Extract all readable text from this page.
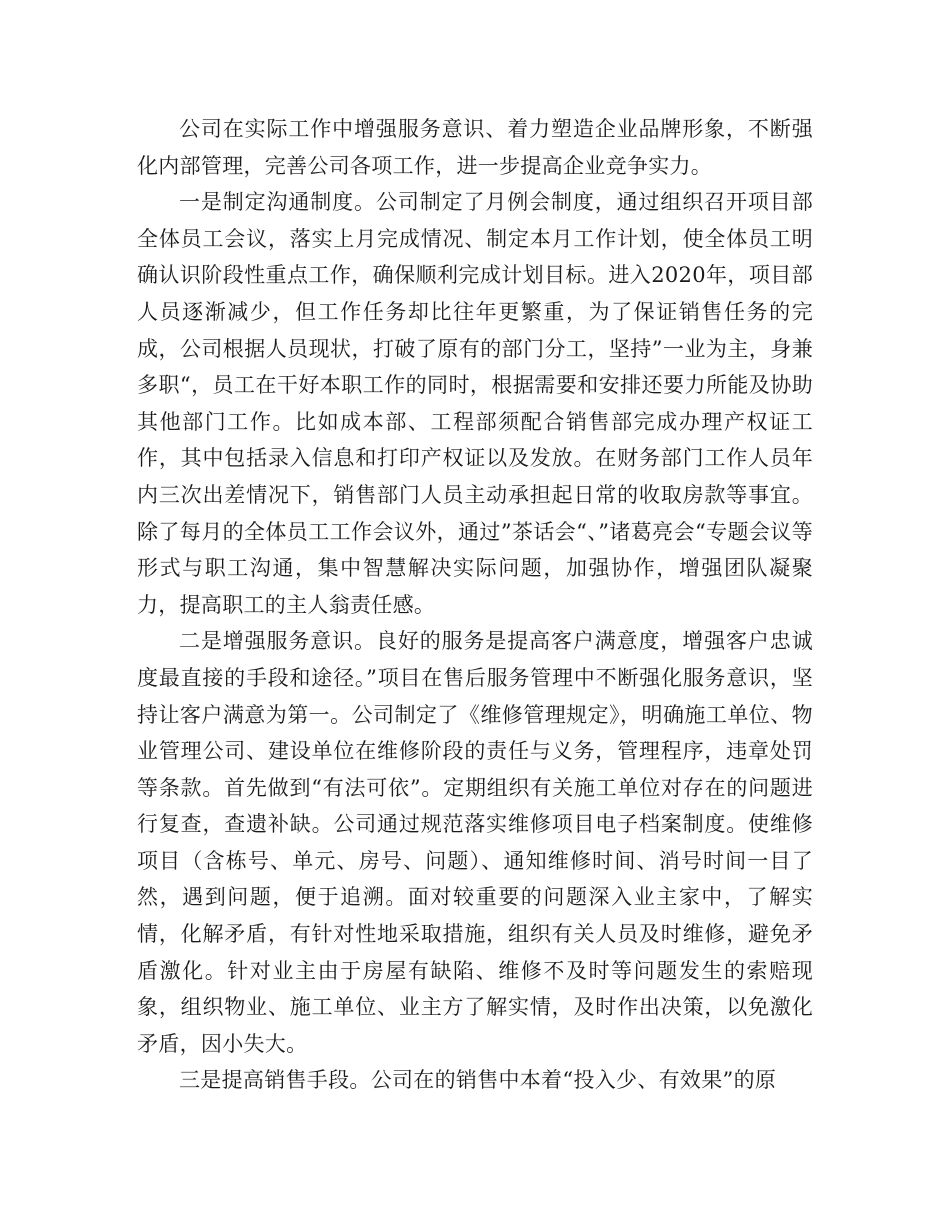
公司在实际工作中增强服务意识、着力塑造企业品牌形象，不断强化内部管理，完善公司各项工作，进一步提高企业竞争实力。

一是制定沟通制度。公司制定了月例会制度，通过组织召开项目部全体员工会议，落实上月完成情况、制定本月工作计划，使全体员工明确认识阶段性重点工作，确保顺利完成计划目标。进入2020年，项目部人员逐渐减少，但工作任务却比往年更繁重，为了保证销售任务的完成，公司根据人员现状，打破了原有的部门分工，坚持”一业为主，身兼多职“，员工在干好本职工作的同时，根据需要和安排还要力所能及协助其他部门工作。比如成本部、工程部须配合销售部完成办理产权证工作，其中包括录入信息和打印产权证以及发放。在财务部门工作人员年内三次出差情况下，销售部门人员主动承担起日常的收取房款等事宜。除了每月的全体员工工作会议外，通过”茶话会“、”诸葛亮会“专题会议等形式与职工沟通，集中智慧解决实际问题，加强协作，增强团队凝聚力，提高职工的主人翁责任感。

二是增强服务意识。良好的服务是提高客户满意度，增强客户忠诚度最直接的手段和途径。”项目在售后服务管理中不断强化服务意识，坚持让客户满意为第一。公司制定了《维修管理规定》，明确施工单位、物业管理公司、建设单位在维修阶段的责任与义务，管理程序，违章处罚等条款。首先做到“有法可依”。定期组织有关施工单位对存在的问题进行复查，查遗补缺。公司通过规范落实维修项目电子档案制度。使维修项目（含栋号、单元、房号、问题）、通知维修时间、消号时间一目了然，遇到问题，便于追溯。面对较重要的问题深入业主家中，了解实情，化解矛盾，有针对性地采取措施，组织有关人员及时维修，避免矛盾激化。针对业主由于房屋有缺陷、维修不及时等问题发生的索赔现象，组织物业、施工单位、业主方了解实情，及时作出决策，以免激化矛盾，因小失大。

三是提高销售手段。公司在的销售中本着“投入少、有效果”的原
